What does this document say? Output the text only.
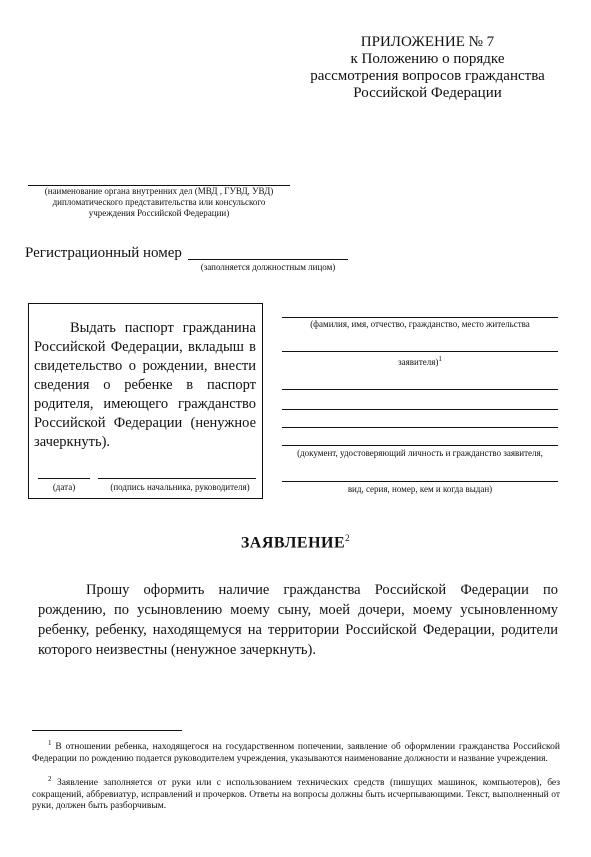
ПРИЛОЖЕНИЕ № 7
к Положению о порядке
рассмотрения вопросов гражданства
Российской Федерации
(наименование органа внутренних дел (МВД , ГУВД, УВД)
дипломатического представительства или консульского
учреждения Российской Федерации)
Регистрационный номер
(заполняется должностным лицом)
Выдать паспорт гражданина Российской Федерации, вкладыш в свидетельство о рождении, внести сведения о ребенке в паспорт родителя, имеющего гражданство Российской Федерации (ненужное зачеркнуть).
(дата)	(подпись начальника, руководителя)
(фамилия, имя, отчество, гражданство, место жительства
заявителя)$^1$
(документ, удостоверяющий личность и гражданство заявителя,
вид, серия, номер, кем и когда выдан)
ЗАЯВЛЕНИЕ$^2$
Прошу оформить наличие гражданства Российской Федерации по рождению, по усыновлению моему сыну, моей дочери, моему усыновленному ребенку, ребенку, находящемуся на территории Российской Федерации, родители которого неизвестны (ненужное зачеркнуть).
$^1$ В отношении ребенка, находящегося на государственном попечении, заявление об оформлении гражданства Российской Федерации по рождению подается руководителем учреждения, указываются наименование должности и название учреждения.
$^2$ Заявление заполняется от руки или с использованием технических средств (пишущих машинок, компьютеров), без сокращений, аббревиатур, исправлений и прочерков. Ответы на вопросы должны быть исчерпывающими. Текст, выполненный от руки, должен быть разборчивым.
